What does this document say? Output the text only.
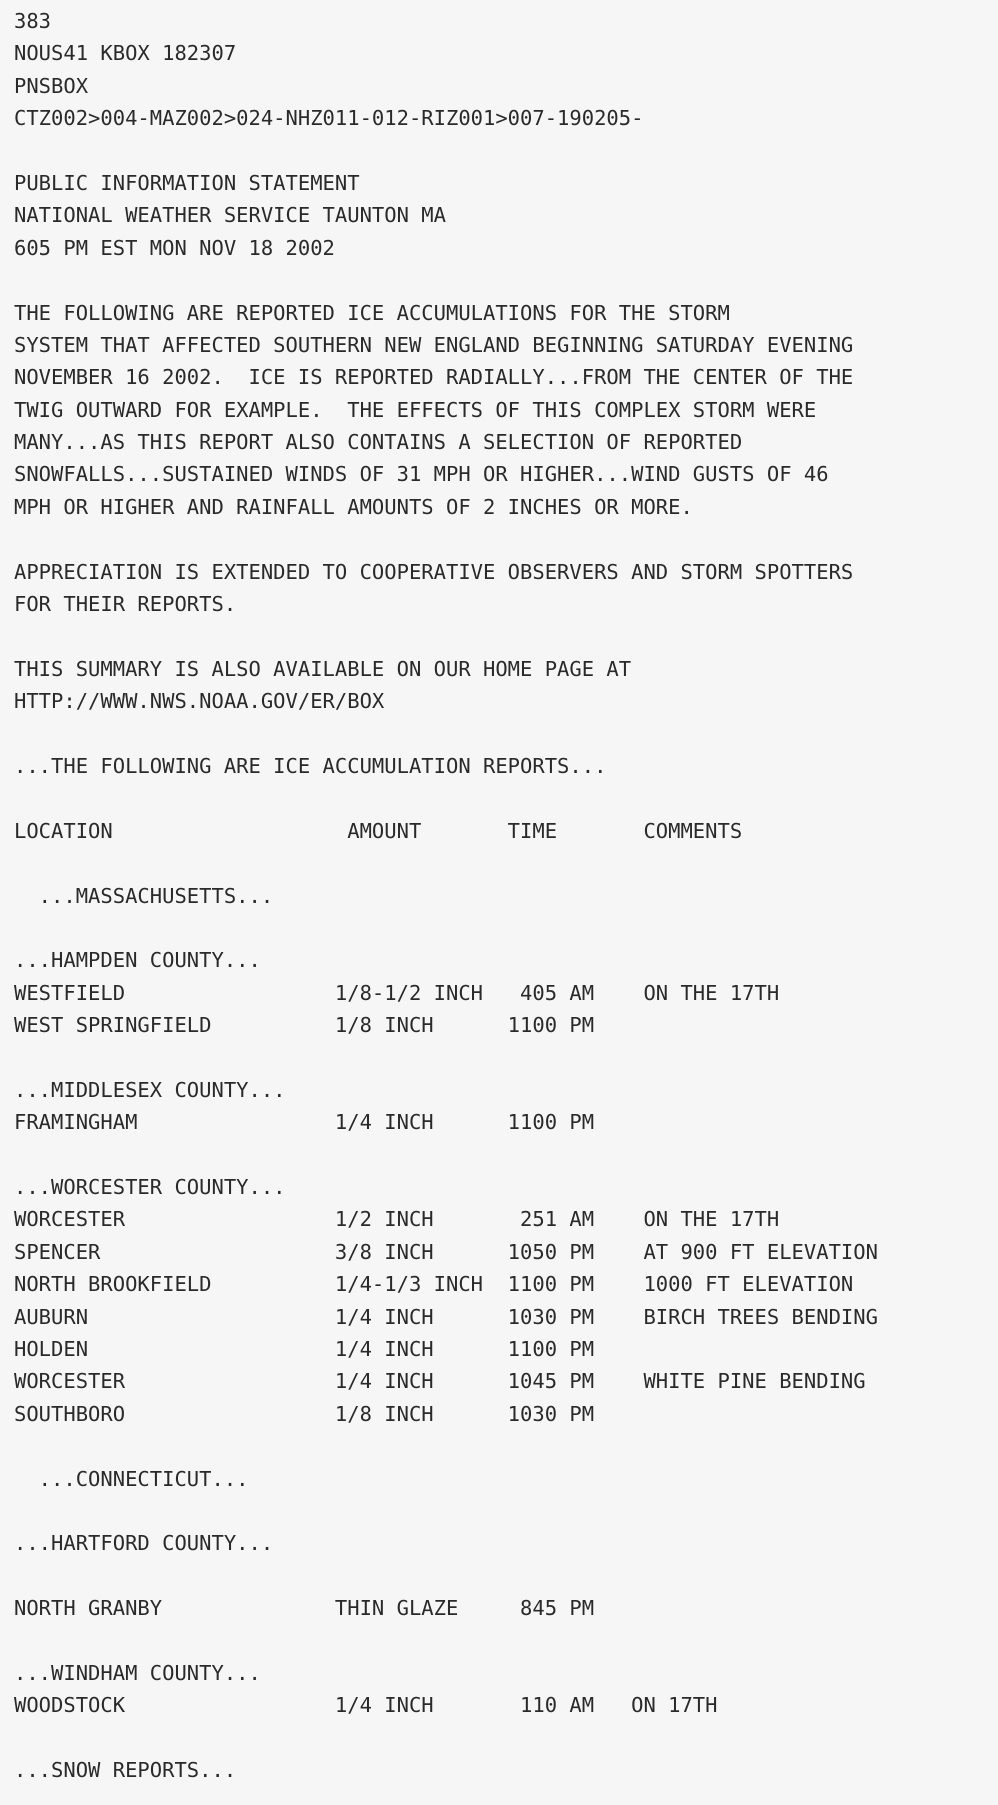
383
NOUS41 KBOX 182307
PNSBOX
CTZ002>004-MAZ002>024-NHZ011-012-RIZ001>007-190205-
PUBLIC INFORMATION STATEMENT
NATIONAL WEATHER SERVICE TAUNTON MA
605 PM EST MON NOV 18 2002
THE FOLLOWING ARE REPORTED ICE ACCUMULATIONS FOR THE STORM
SYSTEM THAT AFFECTED SOUTHERN NEW ENGLAND BEGINNING SATURDAY EVENING
NOVEMBER 16 2002.  ICE IS REPORTED RADIALLY...FROM THE CENTER OF THE
TWIG OUTWARD FOR EXAMPLE.  THE EFFECTS OF THIS COMPLEX STORM WERE
MANY...AS THIS REPORT ALSO CONTAINS A SELECTION OF REPORTED
SNOWFALLS...SUSTAINED WINDS OF 31 MPH OR HIGHER...WIND GUSTS OF 46
MPH OR HIGHER AND RAINFALL AMOUNTS OF 2 INCHES OR MORE.
APPRECIATION IS EXTENDED TO COOPERATIVE OBSERVERS AND STORM SPOTTERS
FOR THEIR REPORTS.
THIS SUMMARY IS ALSO AVAILABLE ON OUR HOME PAGE AT
HTTP://WWW.NWS.NOAA.GOV/ER/BOX
...THE FOLLOWING ARE ICE ACCUMULATION REPORTS...
LOCATION                   AMOUNT       TIME       COMMENTS
...MASSACHUSETTS...
...HAMPDEN COUNTY...
WESTFIELD                 1/8-1/2 INCH   405 AM    ON THE 17TH
WEST SPRINGFIELD          1/8 INCH      1100 PM
...MIDDLESEX COUNTY...
FRAMINGHAM                1/4 INCH      1100 PM
...WORCESTER COUNTY...
WORCESTER                 1/2 INCH       251 AM    ON THE 17TH
SPENCER                   3/8 INCH      1050 PM    AT 900 FT ELEVATION
NORTH BROOKFIELD          1/4-1/3 INCH  1100 PM    1000 FT ELEVATION
AUBURN                    1/4 INCH      1030 PM    BIRCH TREES BENDING
HOLDEN                    1/4 INCH      1100 PM
WORCESTER                 1/4 INCH      1045 PM    WHITE PINE BENDING
SOUTHBORO                 1/8 INCH      1030 PM
...CONNECTICUT...
...HARTFORD COUNTY...
NORTH GRANBY              THIN GLAZE     845 PM
...WINDHAM COUNTY...
WOODSTOCK                 1/4 INCH       110 AM   ON 17TH
...SNOW REPORTS...
